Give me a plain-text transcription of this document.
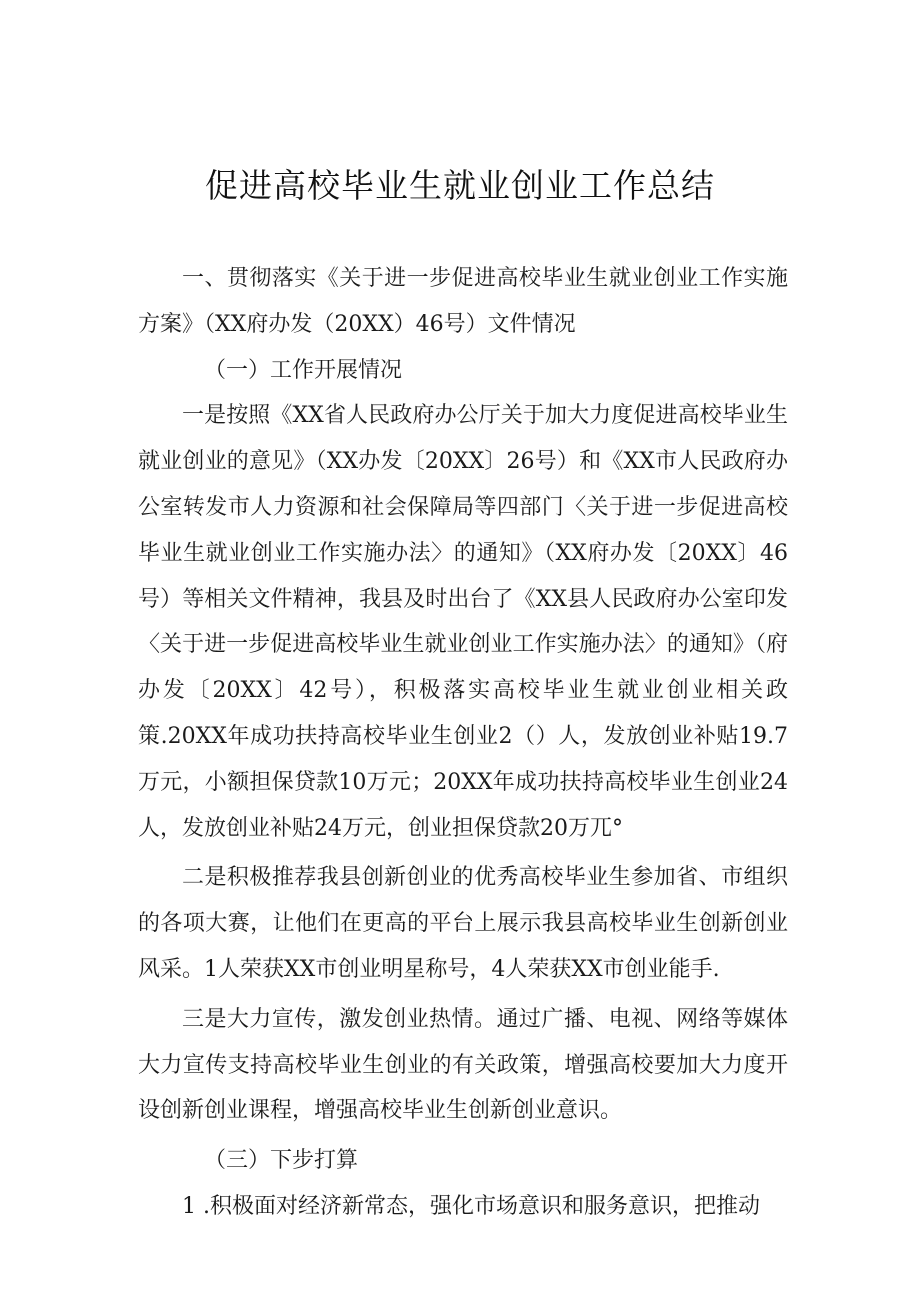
促进高校毕业生就业创业工作总结

一、贯彻落实《关于进一步促进高校毕业生就业创业工作实施方案》（XX府办发（20XX）46号）文件情况

（一）工作开展情况

一是按照《XX省人民政府办公厅关于加大力度促进高校毕业生就业创业的意见》（XX办发〔20XX〕26号）和《XX市人民政府办公室转发市人力资源和社会保障局等四部门〈关于进一步促进高校毕业生就业创业工作实施办法〉的通知》（XX府办发〔20XX〕46号）等相关文件精神，我县及时出台了《XX县人民政府办公室印发〈关于进一步促进高校毕业生就业创业工作实施办法〉的通知》（府办发〔20XX〕42号），积极落实高校毕业生就业创业相关政策.20XX年成功扶持高校毕业生创业2（）人，发放创业补贴19.7万元，小额担保贷款10万元；20XX年成功扶持高校毕业生创业24人，发放创业补贴24万元，创业担保贷款20万兀°

二是积极推荐我县创新创业的优秀高校毕业生参加省、市组织的各项大赛，让他们在更高的平台上展示我县高校毕业生创新创业风采。1人荣获XX市创业明星称号，4人荣获XX市创业能手.

三是大力宣传，激发创业热情。通过广播、电视、网络等媒体大力宣传支持高校毕业生创业的有关政策，增强高校要加大力度开设创新创业课程，增强高校毕业生创新创业意识。

（三）下步打算

1 .积极面对经济新常态，强化市场意识和服务意识，把推动
